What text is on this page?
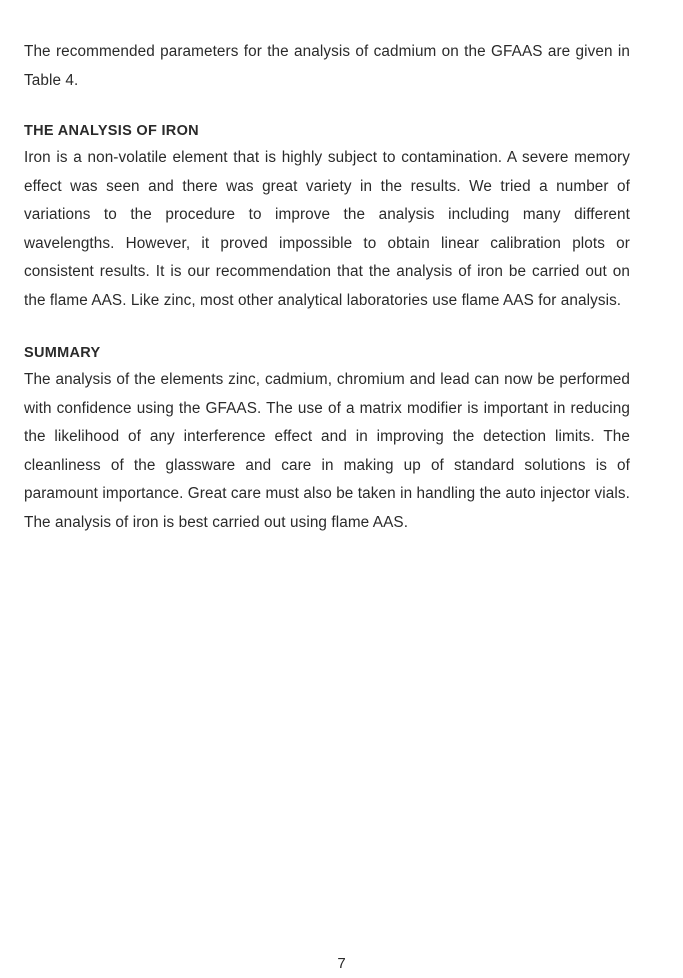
The recommended parameters for the analysis of cadmium on the GFAAS are given in Table 4.

THE ANALYSIS OF IRON

Iron is a non-volatile element that is highly subject to contamination. A severe memory effect was seen and there was great variety in the results. We tried a number of variations to the procedure to improve the analysis including many different wavelengths. However, it proved impossible to obtain linear calibration plots or consistent results. It is our recommendation that the analysis of iron be carried out on the flame AAS. Like zinc, most other analytical laboratories use flame AAS for analysis.

SUMMARY

The analysis of the elements zinc, cadmium, chromium and lead can now be performed with confidence using the GFAAS. The use of a matrix modifier is important in reducing the likelihood of any interference effect and in improving the detection limits. The cleanliness of the glassware and care in making up of standard solutions is of paramount importance. Great care must also be taken in handling the auto injector vials. The analysis of iron is best carried out using flame AAS.

7
